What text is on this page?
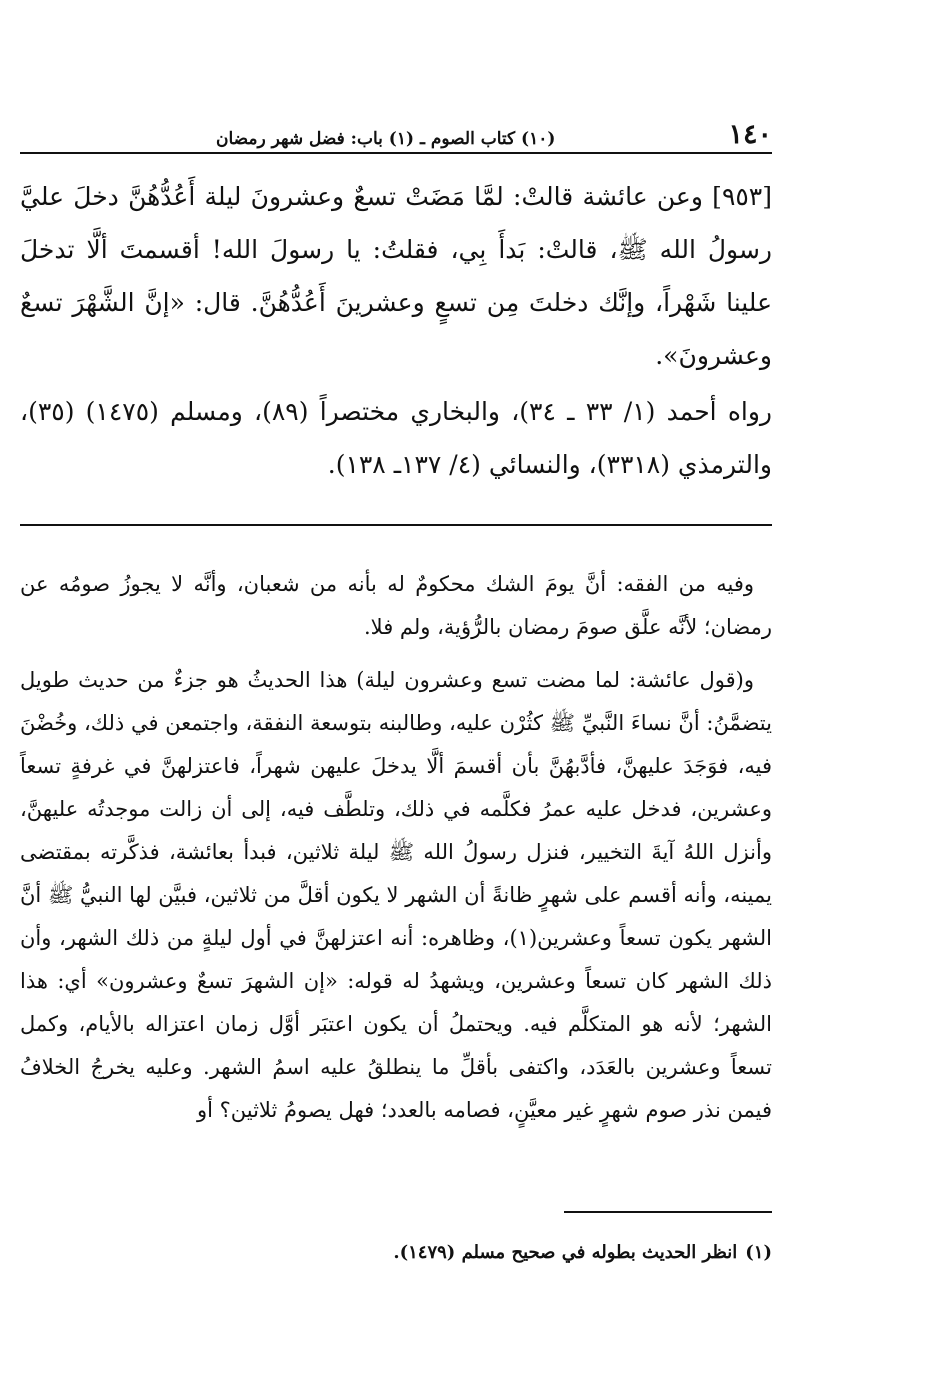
١٤٠
(١٠) كتاب الصوم ـ (١) باب: فضل شهر رمضان

[٩٥٣] وعن عائشة قالتْ: لمَّا مَضَتْ تسعٌ وعشرونَ ليلة أَعُدُّهُنَّ دخلَ عليَّ رسولُ الله ﷺ، قالتْ: بَدأَ بِي، فقلتُ: يا رسولَ الله! أقسمتَ ألَّا تدخلَ علينا شَهْراً، وإنَّك دخلتَ مِن تسعٍ وعشرينَ أَعُدُّهُنَّ. قال: «إنَّ الشَّهْرَ تسعٌ وعشرونَ».

رواه أحمد (١/ ٣٣ ـ ٣٤)، والبخاري مختصراً (٨٩)، ومسلم (١٤٧٥) (٣٥)، والترمذي (٣٣١٨)، والنسائي (٤/ ١٣٧ـ ١٣٨).

وفيه من الفقه: أنَّ يومَ الشك محكومٌ له بأنه من شعبان، وأنَّه لا يجوزُ صومُه عن رمضان؛ لأنَّه علَّق صومَ رمضان بالرُّؤية، ولم فلا.

و(قول عائشة: لما مضت تسع وعشرون ليلة) هذا الحديثُ هو جزءٌ من حديث طويل يتضمَّنُ: أنَّ نساءَ النَّبيِّ ﷺ كثُرْن عليه، وطالبنه بتوسعة النفقة، واجتمعن في ذلك، وخُضْنَ فيه، فوَجَدَ عليهنَّ، فأدَّبهُنَّ بأن أقسمَ ألَّا يدخلَ عليهن شهراً، فاعتزلهنَّ في غرفةٍ تسعاً وعشرين، فدخل عليه عمرُ فكلَّمه في ذلك، وتلطَّف فيه، إلى أن زالت موجدتُه عليهنَّ، وأنزل اللهُ آيةَ التخيير، فنزل رسولُ الله ﷺ ليلة ثلاثين، فبدأ بعائشة، فذكَّرته بمقتضى يمينه، وأنه أقسم على شهرٍ ظانةً أن الشهر لا يكون أقلَّ من ثلاثين، فبيَّن لها النبيُّ ﷺ أنَّ الشهر يكون تسعاً وعشرين(١)، وظاهره: أنه اعتزلهنَّ في أول ليلةٍ من ذلك الشهر، وأن ذلك الشهر كان تسعاً وعشرين، ويشهدُ له قوله: «إن الشهرَ تسعٌ وعشرون» أي: هذا الشهر؛ لأنه هو المتكلَّم فيه. ويحتملُ أن يكون اعتبَر أوَّل زمان اعتزاله بالأيام، وكمل تسعاً وعشرين بالعَدَد، واكتفى بأقلِّ ما ينطلقُ عليه اسمُ الشهر. وعليه يخرجُ الخلافُ فيمن نذر صوم شهرٍ غير معيَّنٍ، فصامه بالعدد؛ فهل يصومُ ثلاثين؟ أو

(١)انظر الحديث بطوله في صحيح مسلم (١٤٧٩).
